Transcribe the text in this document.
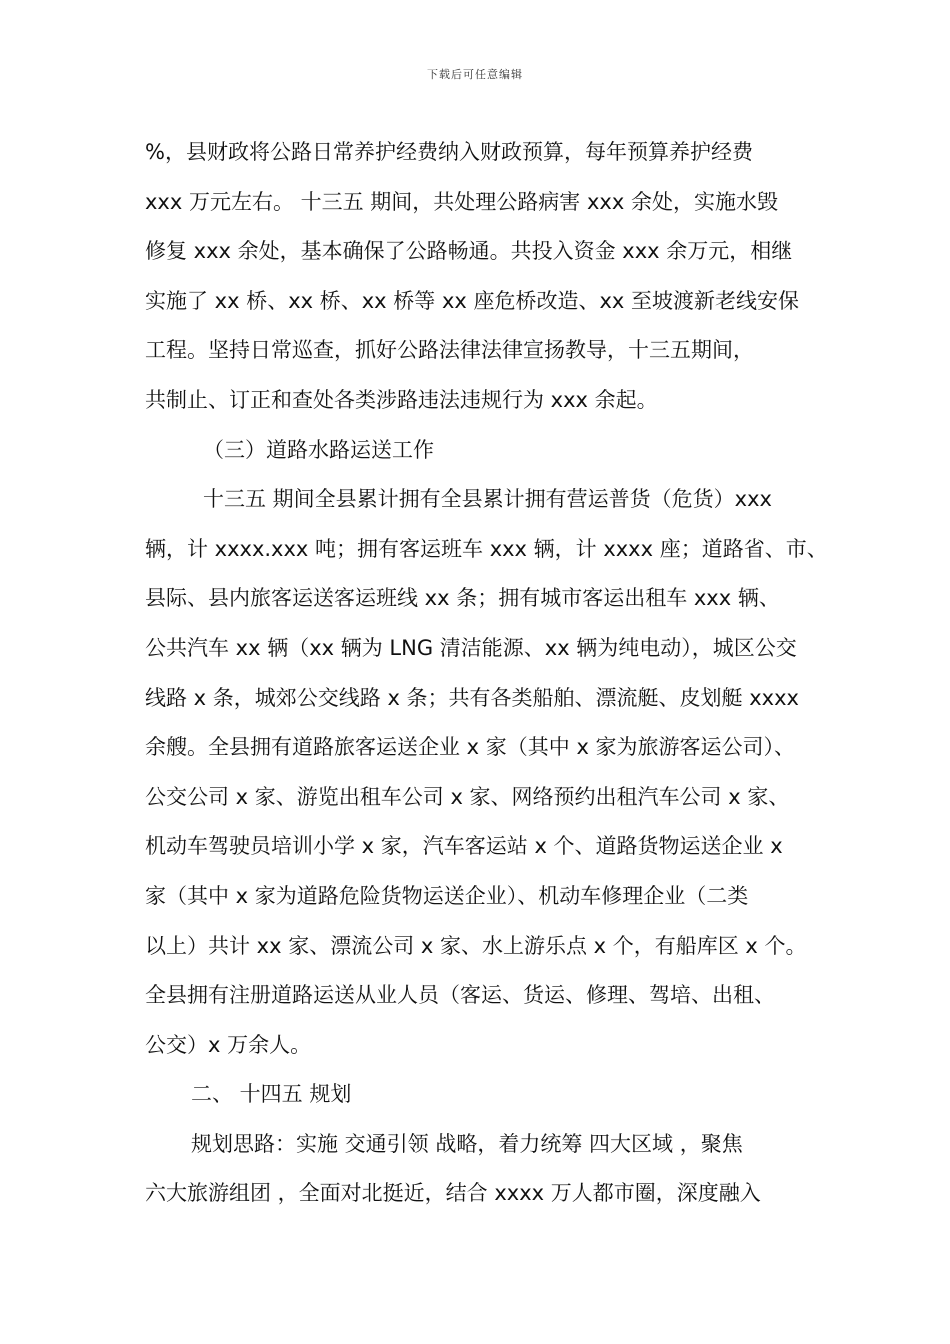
下载后可任意编辑
%，县财政将公路日常养护经费纳入财政预算，每年预算养护经费
xxx 万元左右。 十三五 期间，共处理公路病害 xxx 余处，实施水毁
修复 xxx 余处，基本确保了公路畅通。共投入资金 xxx 余万元，相继
实施了 xx 桥、xx 桥、xx 桥等 xx 座危桥改造、xx 至坡渡新老线安保
工程。坚持日常巡查，抓好公路法律法律宣扬教导，十三五期间，
共制止、订正和查处各类涉路违法违规行为 xxx 余起。
（三）道路水路运送工作
十三五 期间全县累计拥有全县累计拥有营运普货（危货）xxx
辆，计 xxxx.xxx 吨；拥有客运班车 xxx 辆，计 xxxx 座；道路省、市、
县际、县内旅客运送客运班线 xx 条；拥有城市客运出租车 xxx 辆、
公共汽车 xx 辆（xx 辆为 LNG 清洁能源、xx 辆为纯电动），城区公交
线路 x 条，城郊公交线路 x 条；共有各类船舶、漂流艇、皮划艇 xxxx
余艘。全县拥有道路旅客运送企业 x 家（其中 x 家为旅游客运公司）、
公交公司 x 家、游览出租车公司 x 家、网络预约出租汽车公司 x 家、
机动车驾驶员培训小学 x 家，汽车客运站 x 个、道路货物运送企业 x
家（其中 x 家为道路危险货物运送企业）、机动车修理企业（二类
以上）共计 xx 家、漂流公司 x 家、水上游乐点 x 个，有船库区 x 个。
全县拥有注册道路运送从业人员（客运、货运、修理、驾培、出租、
公交）x 万余人。
二、 十四五 规划
规划思路：实施 交通引领 战略，着力统筹 四大区域 ，聚焦
六大旅游组团 ，全面对北挺近，结合 xxxx 万人都市圈，深度融入
